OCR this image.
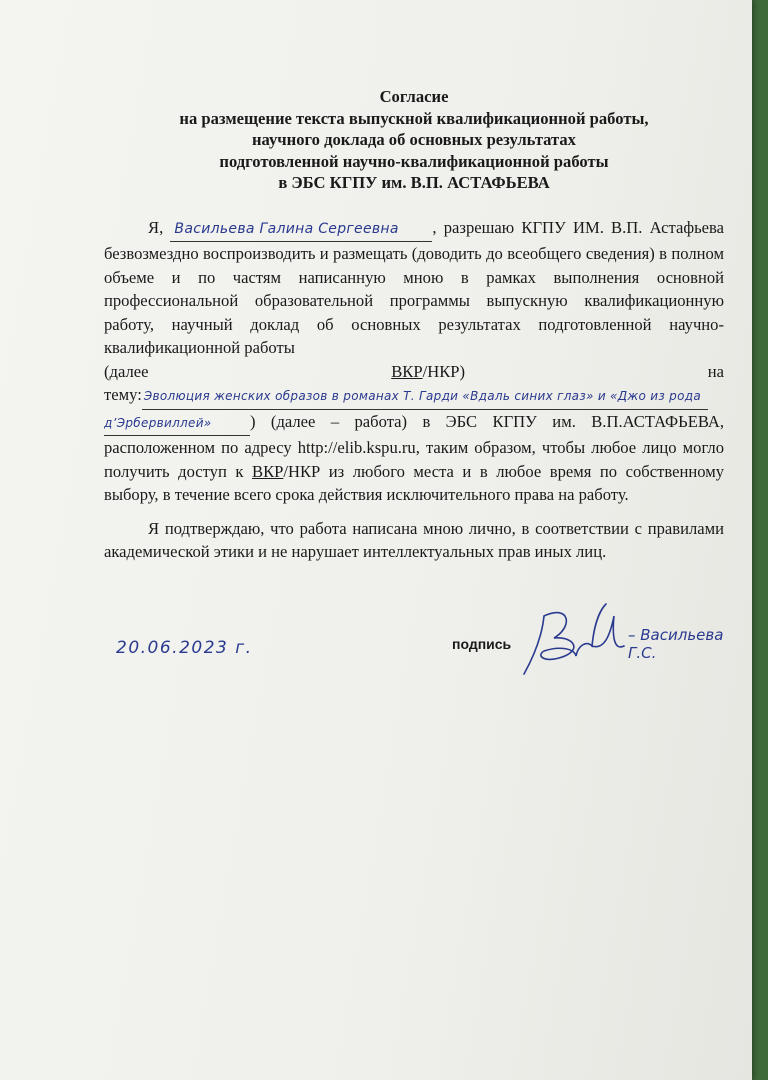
Согласие
на размещение текста выпускной квалификационной работы,
научного доклада об основных результатах
подготовленной научно-квалификационной работы
в ЭБС КГПУ им. В.П. АСТАФЬЕВА
Я, Васильева Галина Сергеевна , разрешаю КГПУ ИМ. В.П. Астафьева безвозмездно воспроизводить и размещать (доводить до всеобщего сведения) в полном объеме и по частям написанную мною в рамках выполнения основной профессиональной образовательной программы выпускную квалификационную работу, научный доклад об основных результатах подготовленной научно-квалификационной работы
(далее	ВКР/НКР)	на
тему: Эволюция женских образов в романах Т. Гарди «Вдаль синих глаз» и «Джо из рода
д’Эрбервиллей» ) (далее – работа) в ЭБС КГПУ им. В.П.АСТАФЬЕВА, расположенном по адресу http://elib.kspu.ru, таким образом, чтобы любое лицо могло получить доступ к ВКР/НКР из любого места и в любое время по собственному выбору, в течение всего срока действия исключительного права на работу.
Я подтверждаю, что работа написана мною лично, в соответствии с правилами академической этики и не нарушает интеллектуальных прав иных лиц.
20.06.2023 г.	подпись	– Васильева Г.С.
